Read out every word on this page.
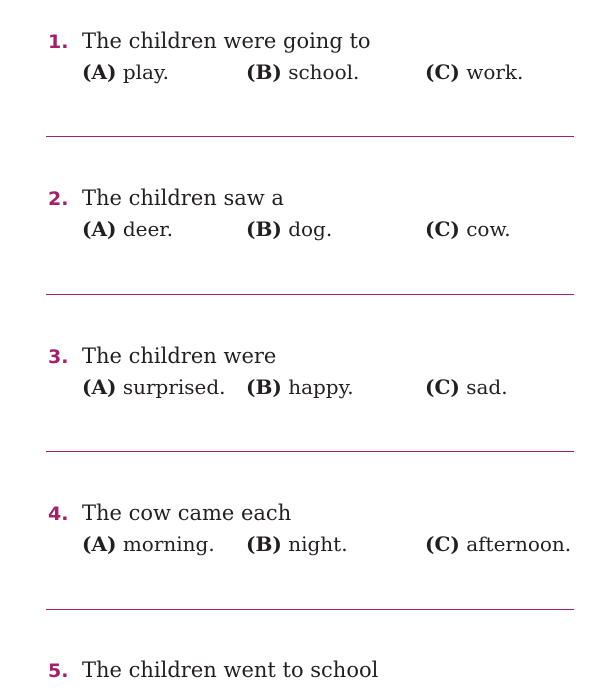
1. The children were going to
(A) play.	(B) school.	(C) work.
2. The children saw a
(A) deer.	(B) dog.	(C) cow.
3. The children were
(A) surprised. (B) happy.	(C) sad.
4. The cow came each
(A) morning. (B) night.	(C) afternoon.
5. The children went to school
